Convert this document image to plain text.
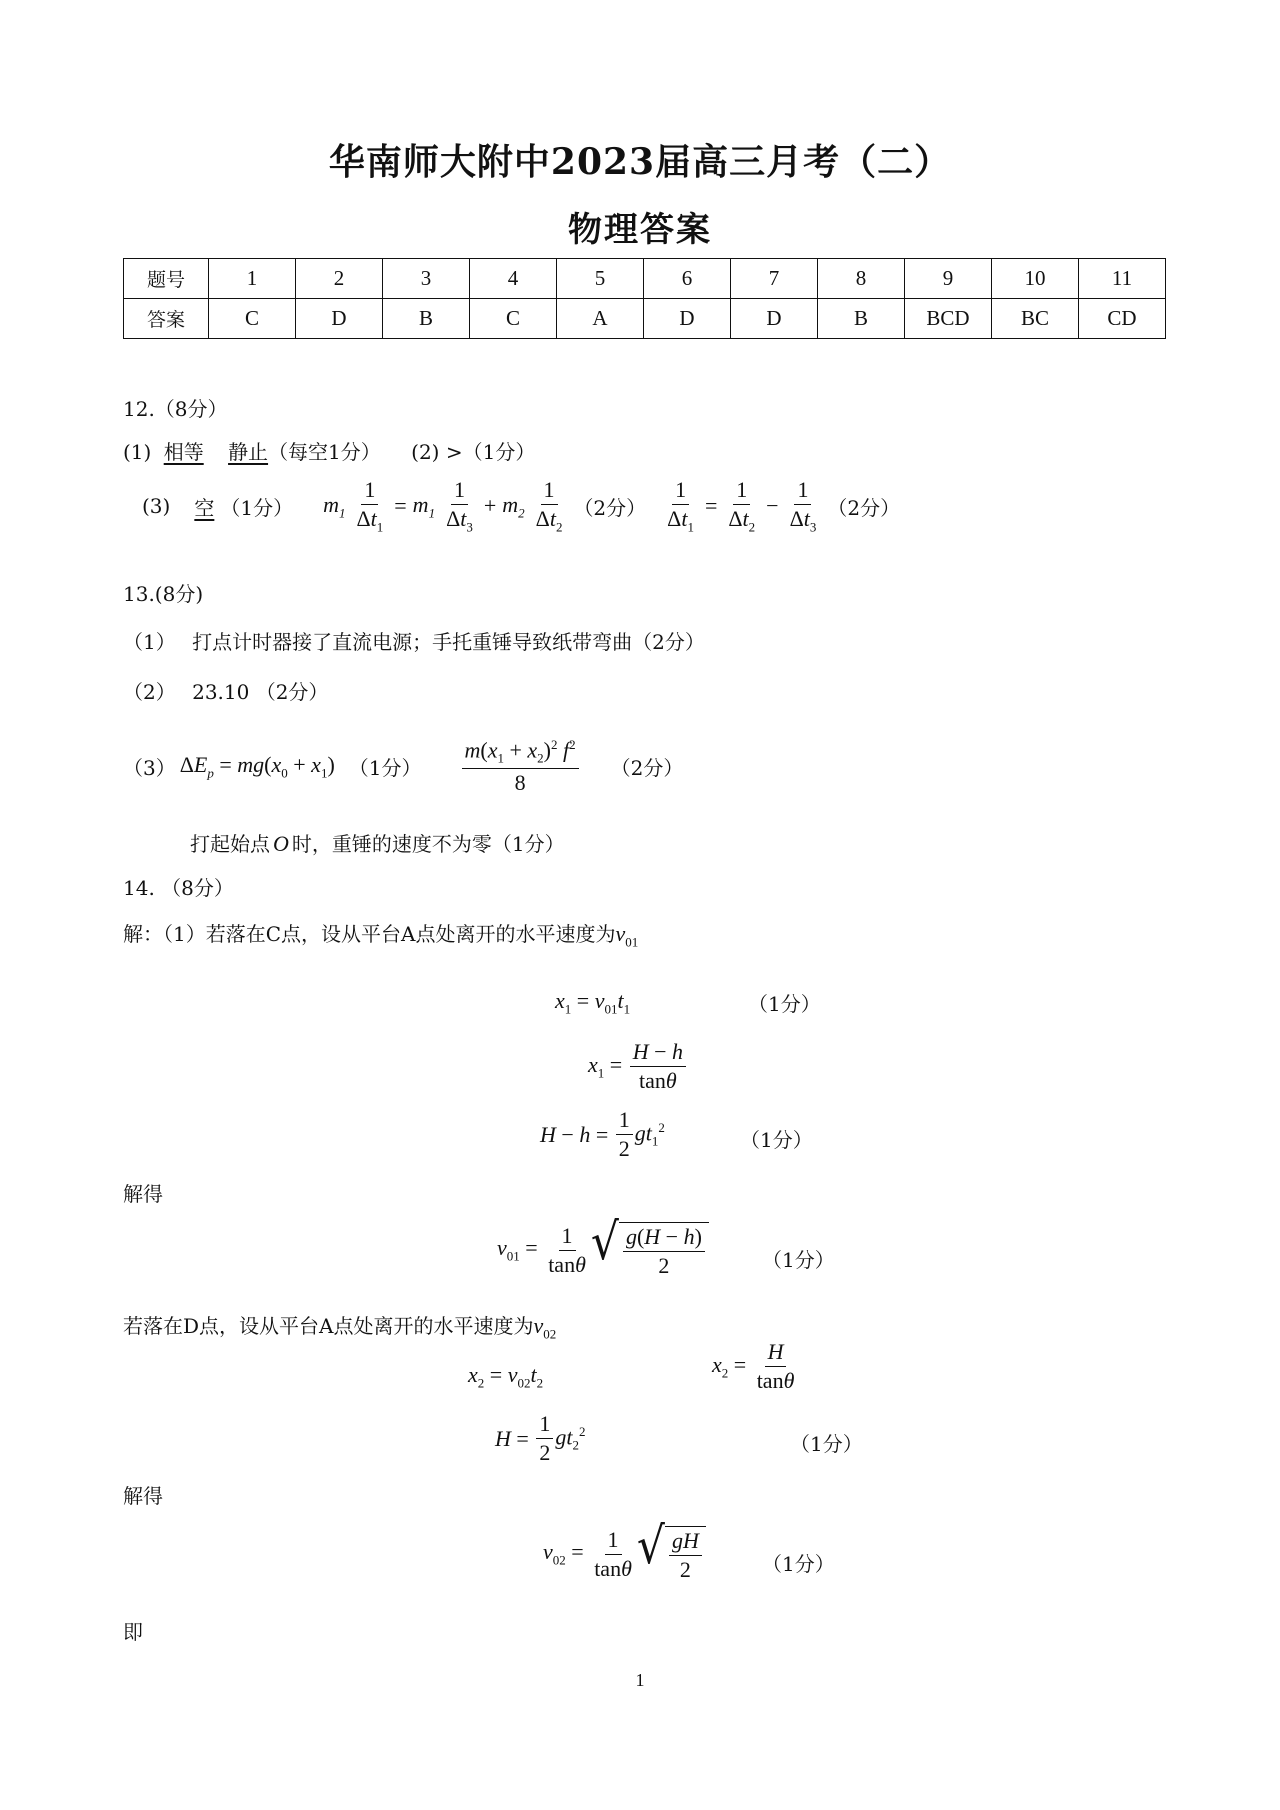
华南师大附中2023届高三月考（二）
物理答案
题号	1	2	3	4	5	6	7	8	9	10	11
答案	C	D	B	C	A	D	D	B	BCD	BC	CD
12.（8分）
(1) 相等 静止（每空1分） (2) >（1分）
(3) 空 （1分） $m_1 \frac{1}{\Delta t_1} = m_1 \frac{1}{\Delta t_3} + m_2 \frac{1}{\Delta t_2} (2$分） $\frac{1}{\Delta t_1} = \frac{1}{\Delta t_2} - \frac{1}{\Delta t_3} (2$分）
13.(8分)
（1） 打点计时器接了直流电源；手托重锤导致纸带弯曲（2分）
（2） 23.10 （2分）
（3） $\Delta E_p = mg(x_0 + x_1)$ （1分） $\frac{m(x_1 + x_2)^2 f^2}{8} (2$分）
打起始点 O 时，重锤的速度不为零（1分）
14. （8分）
解：（1）若落在C点，设从平台A点处离开的水平速度为$v_{01}$
$x_1 = v_{01}t_1$	（1分）
$x_1 = \frac{H - h}{\tan\theta}$
$H - h = \frac{1}{2} gt_1^2$
（1分）
解得
$v_{01} = \frac{1}{\tan\theta}$ √ $\frac{g(H - h)}{2}$	（1分）
若落在D点，设从平台A点处离开的水平速度为$v_{02}$
$x_2 = v_{02}t_2$
$x_2 = \frac{H}{\tan\theta}$
$H = \frac{1}{2} gt_2^2$
（1分）
解得
$v_{02} = \frac{1}{\tan\theta}$ √ $\frac{gH}{2}$	（1分）
即
1
